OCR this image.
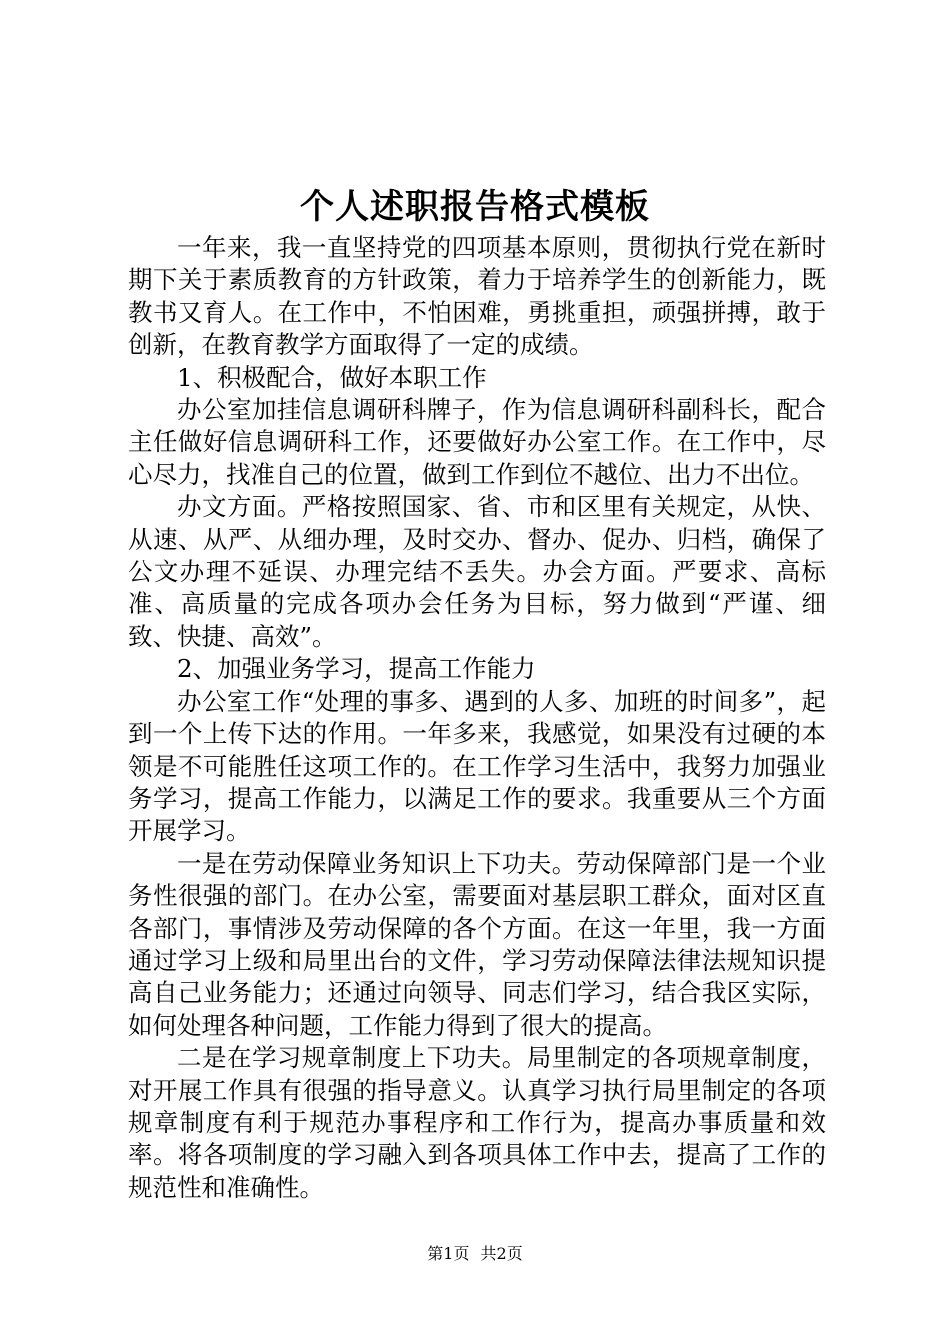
个人述职报告格式模板

一年来，我一直坚持党的四项基本原则，贯彻执行党在新时期下关于素质教育的方针政策，着力于培养学生的创新能力，既教书又育人。在工作中，不怕困难，勇挑重担，顽强拼搏，敢于创新，在教育教学方面取得了一定的成绩。

1、积极配合，做好本职工作

办公室加挂信息调研科牌子，作为信息调研科副科长，配合主任做好信息调研科工作，还要做好办公室工作。在工作中，尽心尽力，找准自己的位置，做到工作到位不越位、出力不出位。

办文方面。严格按照国家、省、市和区里有关规定，从快、从速、从严、从细办理，及时交办、督办、促办、归档，确保了公文办理不延误、办理完结不丢失。办会方面。严要求、高标准、高质量的完成各项办会任务为目标，努力做到“严谨、细致、快捷、高效”。

2、加强业务学习，提高工作能力

办公室工作“处理的事多、遇到的人多、加班的时间多”，起到一个上传下达的作用。一年多来，我感觉，如果没有过硬的本领是不可能胜任这项工作的。在工作学习生活中，我努力加强业务学习，提高工作能力，以满足工作的要求。我重要从三个方面开展学习。

一是在劳动保障业务知识上下功夫。劳动保障部门是一个业务性很强的部门。在办公室，需要面对基层职工群众，面对区直各部门，事情涉及劳动保障的各个方面。在这一年里，我一方面通过学习上级和局里出台的文件，学习劳动保障法律法规知识提高自己业务能力；还通过向领导、同志们学习，结合我区实际，如何处理各种问题，工作能力得到了很大的提高。

二是在学习规章制度上下功夫。局里制定的各项规章制度，对开展工作具有很强的指导意义。认真学习执行局里制定的各项规章制度有利于规范办事程序和工作行为，提高办事质量和效率。将各项制度的学习融入到各项具体工作中去，提高了工作的规范性和准确性。

第1页 共2页
